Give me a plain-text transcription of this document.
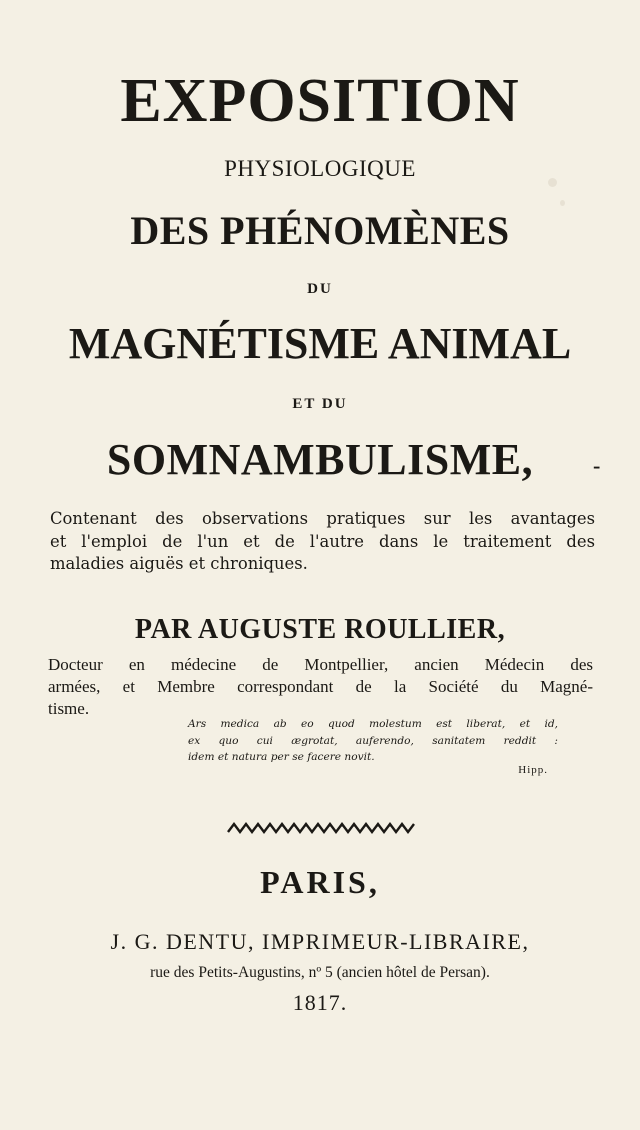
EXPOSITION
PHYSIOLOGIQUE
DES PHÉNOMÈNES
DU
MAGNÉTISME ANIMAL
ET DU
SOMNAMBULISME,	-
Contenant des observations pratiques sur les avantages
et l'emploi de l'un et de l'autre dans le traitement des
maladies aiguës et chroniques.
PAR AUGUSTE ROULLIER,
Docteur en médecine de Montpellier, ancien Médecin des
armées, et Membre correspondant de la Société du Magné-
tisme.
Ars medica ab eo quod molestum est liberat, et id,
ex quo cui ægrotat, auferendo, sanitatem reddit :
idem et natura per se facere novit.
Hipp.
PARIS,
J. G. DENTU, IMPRIMEUR-LIBRAIRE,
rue des Petits-Augustins, nº 5 (ancien hôtel de Persan).
1817.
